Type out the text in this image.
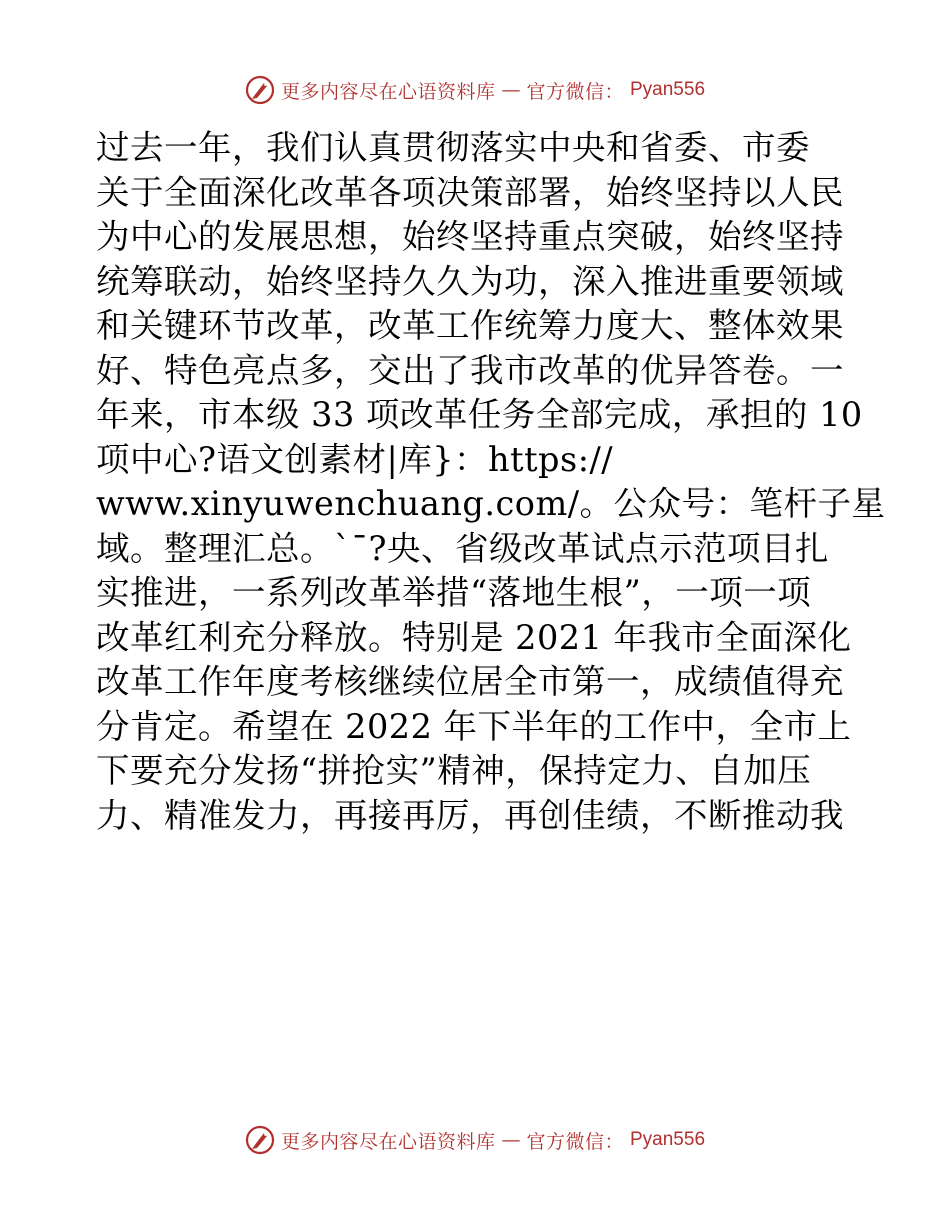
更多内容尽在心语资料库 — 官方微信： Pyan556
过去一年，我们认真贯彻落实中央和省委、市委
关于全面深化改革各项决策部署，始终坚持以人民
为中心的发展思想，始终坚持重点突破，始终坚持
统筹联动，始终坚持久久为功，深入推进重要领域
和关键环节改革，改革工作统筹力度大、整体效果
好、特色亮点多，交出了我市改革的优异答卷。一
年来，市本级 33 项改革任务全部完成，承担的 10
项中心?语文创素材|库}：https://
www.xinyuwenchuang.com/。公众号：笔杆子星
域。整理汇总。`¯?央、省级改革试点示范项目扎
实推进，一系列改革举措“落地生根”，一项一项
改革红利充分释放。特别是 2021 年我市全面深化
改革工作年度考核继续位居全市第一，成绩值得充
分肯定。希望在 2022 年下半年的工作中，全市上
下要充分发扬“拼抢实”精神，保持定力、自加压
力、精准发力，再接再厉，再创佳绩，不断推动我
更多内容尽在心语资料库 — 官方微信： Pyan556
